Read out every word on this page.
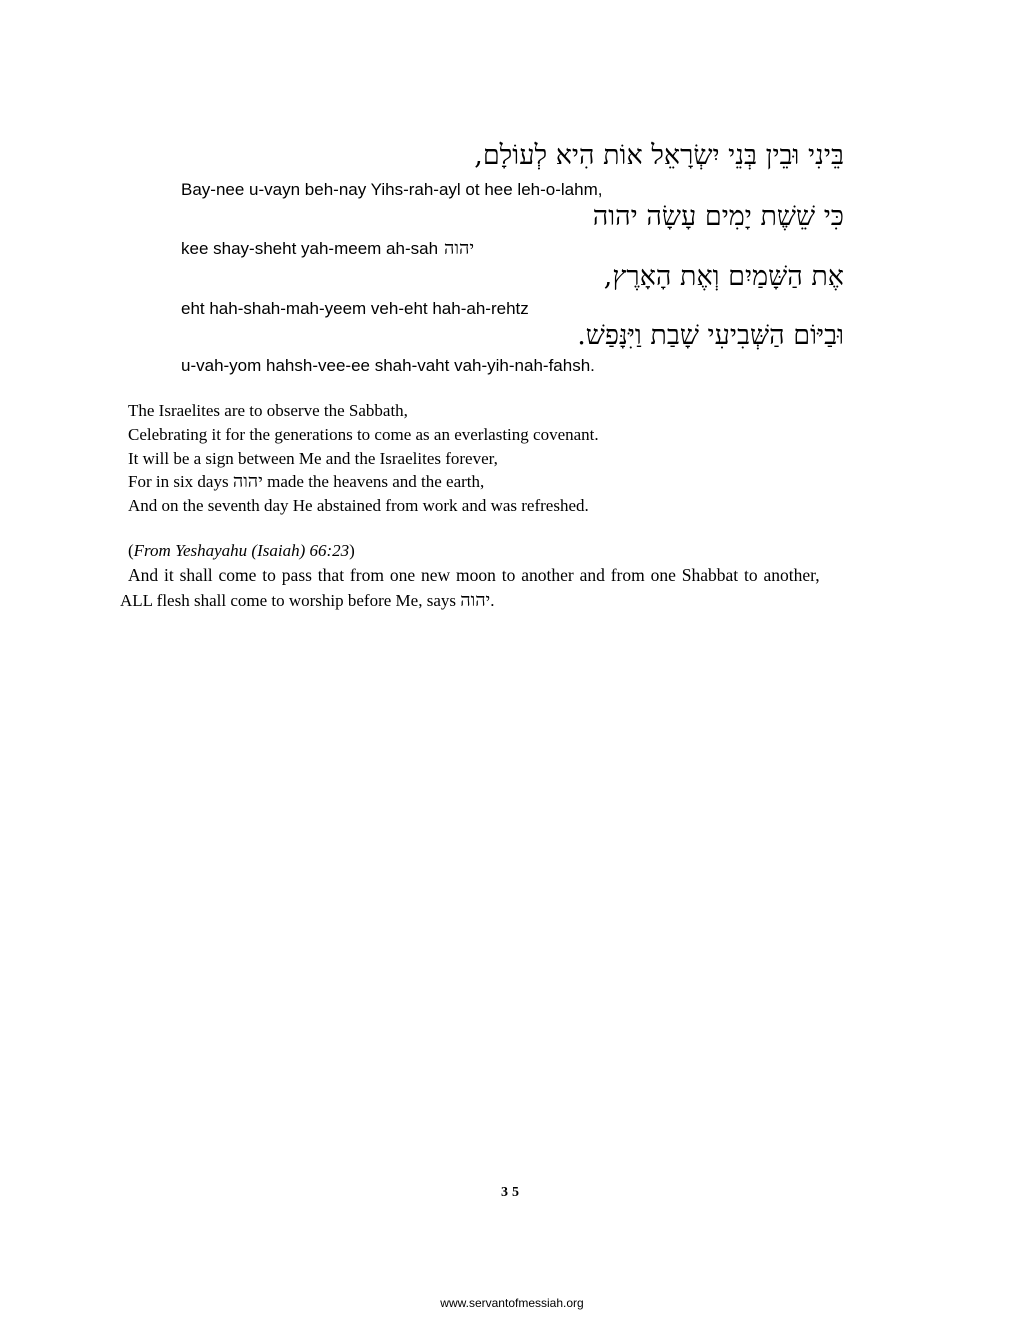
בֵּינִי וּבֵין בְּנֵי יִשְׂרָאֵל אוֹת הִיא לְעוֹלָם,
Bay-nee u-vayn beh-nay Yihs-rah-ayl ot hee leh-o-lahm,
כִּי שֵׁשֶׁת יָמִים עָשָׂה יהוה
kee shay-sheht yah-meem ah-sah יהוה
אֶת הַשָּׁמַיִם וְאֶת הָאָרֶץ,
eht hah-shah-mah-yeem veh-eht hah-ah-rehtz
וּבַיּוֹם הַשְּׁבִיעִי שָׁבַת וַיִּנָּפַשׁ.
u-vah-yom hahsh-vee-ee shah-vaht vah-yih-nah-fahsh.
The Israelites are to observe the Sabbath,
Celebrating it for the generations to come as an everlasting covenant.
It will be a sign between Me and the Israelites forever,
For in six days יהוה made the heavens and the earth,
And on the seventh day He abstained from work and was refreshed.
(From Yeshayahu (Isaiah) 66:23)
And it shall come to pass that from one new moon to another and from one Shabbat to another,
ALL flesh shall come to worship before Me, says יהוה.
35
www.servantofmessiah.org
